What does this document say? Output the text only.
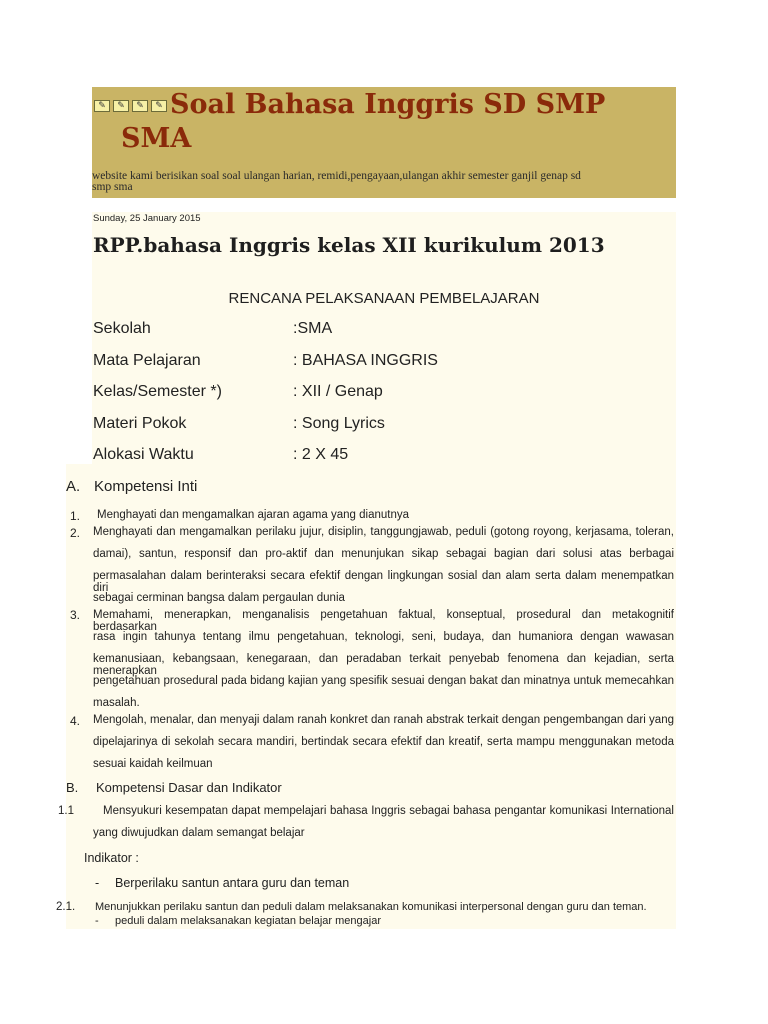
✎	✎	✎	✎ Soal Bahasa Inggris SD SMP
SMA
website kami berisikan soal soal ulangan harian, remidi,pengayaan,ulangan akhir semester ganjil genap sd
smp sma
Sunday, 25 January 2015
RPP.bahasa Inggris kelas XII kurikulum 2013
RENCANA PELAKSANAAN PEMBELAJARAN
Sekolah	:SMA
Mata Pelajaran	: BAHASA INGGRIS
Kelas/Semester *)	: XII / Genap
Materi Pokok	: Song Lyrics
Alokasi Waktu	: 2 X 45
A. Kompetensi Inti
1. Menghayati dan mengamalkan ajaran agama yang dianutnya
2. Menghayati dan mengamalkan perilaku jujur, disiplin, tanggungjawab, peduli (gotong royong, kerjasama, toleran,
damai), santun, responsif dan pro-aktif dan menunjukan sikap sebagai bagian dari solusi atas berbagai
permasalahan dalam berinteraksi secara efektif dengan lingkungan sosial dan alam serta dalam menempatkan diri
sebagai cerminan bangsa dalam pergaulan dunia
3. Memahami, menerapkan, menganalisis pengetahuan faktual, konseptual, prosedural dan metakognitif berdasarkan
rasa ingin tahunya tentang ilmu pengetahuan, teknologi, seni, budaya, dan humaniora dengan wawasan
kemanusiaan, kebangsaan, kenegaraan, dan peradaban terkait penyebab fenomena dan kejadian, serta menerapkan
pengetahuan prosedural pada bidang kajian yang spesifik sesuai dengan bakat dan minatnya untuk memecahkan
masalah.
4. Mengolah, menalar, dan menyaji dalam ranah konkret dan ranah abstrak terkait dengan pengembangan dari yang
dipelajarinya di sekolah secara mandiri, bertindak secara efektif dan kreatif, serta mampu menggunakan metoda
sesuai kaidah keilmuan
B. Kompetensi Dasar dan Indikator
1.1	Mensyukuri kesempatan dapat mempelajari bahasa Inggris sebagai bahasa pengantar komunikasi International
yang diwujudkan dalam semangat belajar
Indikator :
- Berperilaku santun antara guru dan teman
2.1. Menunjukkan perilaku santun dan peduli dalam melaksanakan komunikasi interpersonal dengan guru dan teman.
- peduli dalam melaksanakan kegiatan belajar mengajar
